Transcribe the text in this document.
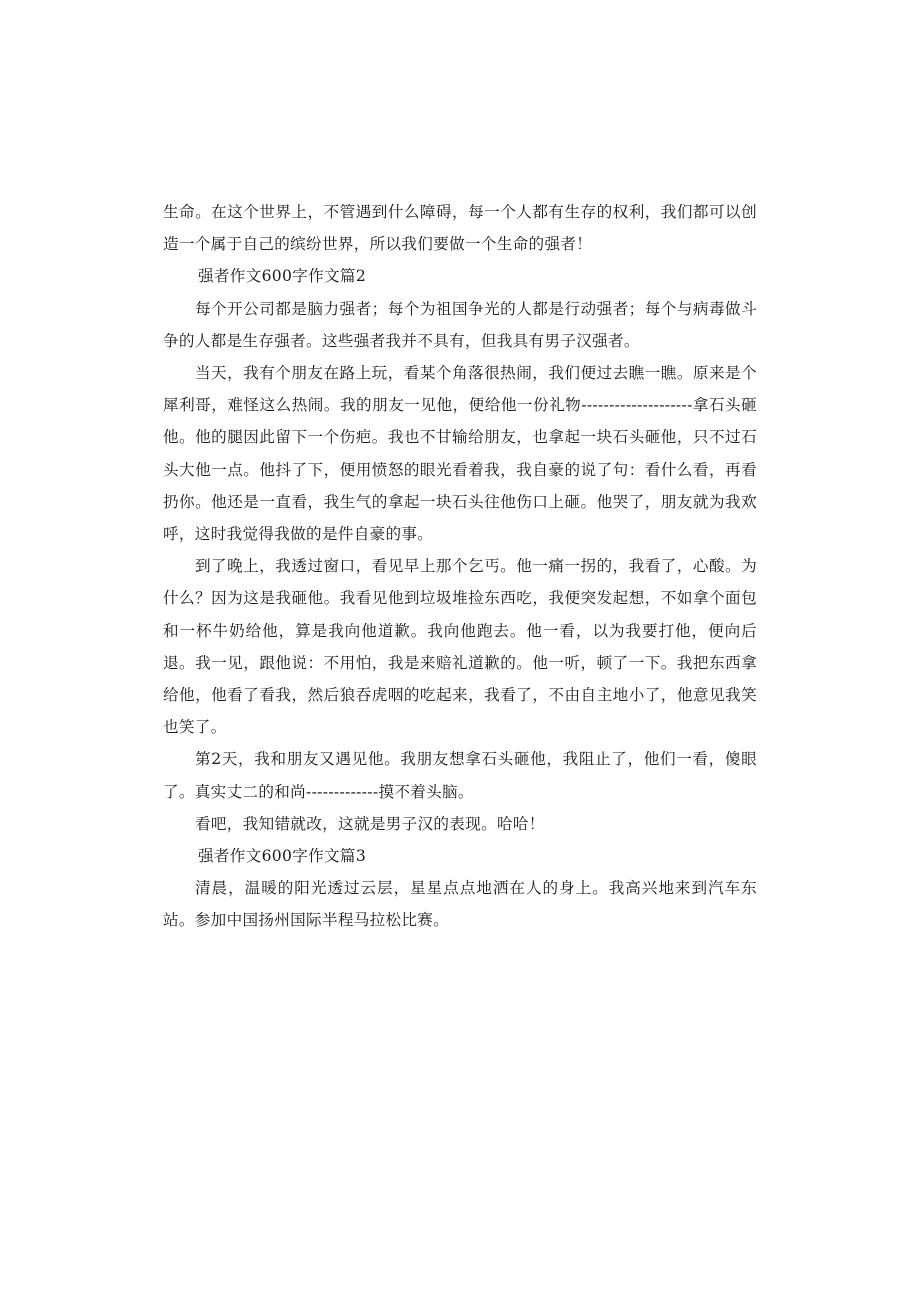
生命。在这个世界上，不管遇到什么障碍，每一个人都有生存的权利，我们都可以创造一个属于自己的缤纷世界，所以我们要做一个生命的强者！

强者作文600字作文篇2

每个开公司都是脑力强者；每个为祖国争光的人都是行动强者；每个与病毒做斗争的人都是生存强者。这些强者我并不具有，但我具有男子汉强者。

当天，我有个朋友在路上玩，看某个角落很热闹，我们便过去瞧一瞧。原来是个犀利哥，难怪这么热闹。我的朋友一见他，便给他一份礼物--------------------拿石头砸他。他的腿因此留下一个伤疤。我也不甘输给朋友，也拿起一块石头砸他，只不过石头大他一点。他抖了下，便用愤怒的眼光看着我，我自豪的说了句：看什么看，再看扔你。他还是一直看，我生气的拿起一块石头往他伤口上砸。他哭了，朋友就为我欢呼，这时我觉得我做的是件自豪的事。

到了晚上，我透过窗口，看见早上那个乞丐。他一痛一拐的，我看了，心酸。为什么？因为这是我砸他。我看见他到垃圾堆捡东西吃，我便突发起想，不如拿个面包和一杯牛奶给他，算是我向他道歉。我向他跑去。他一看，以为我要打他，便向后退。我一见，跟他说：不用怕，我是来赔礼道歉的。他一听，顿了一下。我把东西拿给他，他看了看我，然后狼吞虎咽的吃起来，我看了，不由自主地小了，他意见我笑也笑了。

第2天，我和朋友又遇见他。我朋友想拿石头砸他，我阻止了，他们一看，傻眼了。真实丈二的和尚-------------摸不着头脑。

看吧，我知错就改，这就是男子汉的表现。哈哈！

强者作文600字作文篇3

清晨，温暖的阳光透过云层，星星点点地洒在人的身上。我高兴地来到汽车东站。参加中国扬州国际半程马拉松比赛。
